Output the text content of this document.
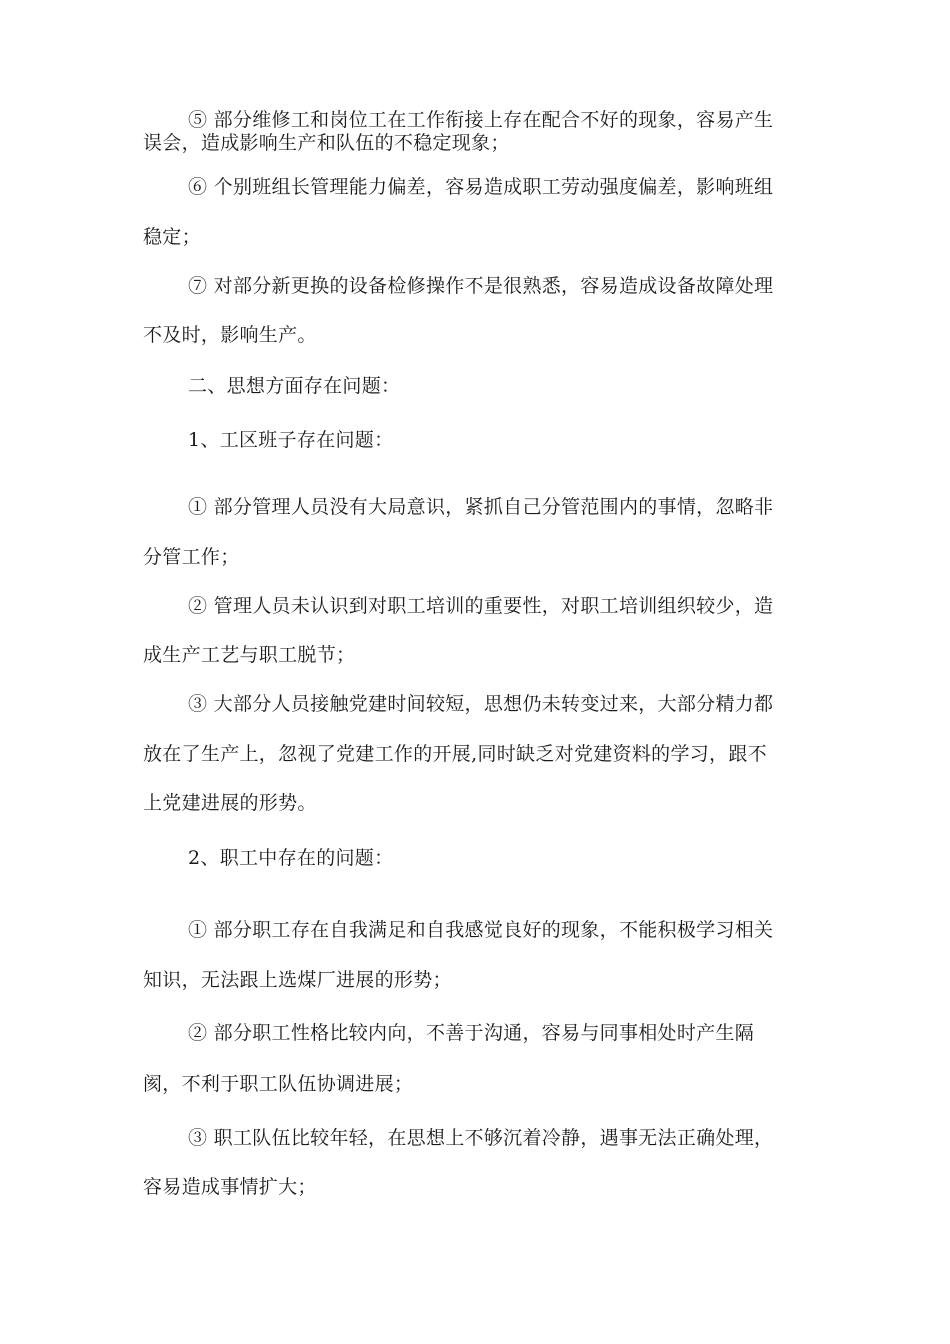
⑤ 部分维修工和岗位工在工作衔接上存在配合不好的现象，容易产生

误会，造成影响生产和队伍的不稳定现象；

⑥ 个别班组长管理能力偏差，容易造成职工劳动强度偏差，影响班组

稳定；

⑦ 对部分新更换的设备检修操作不是很熟悉，容易造成设备故障处理

不及时，影响生产。

二、思想方面存在问题：

1、工区班子存在问题：

① 部分管理人员没有大局意识，紧抓自己分管范围内的事情，忽略非

分管工作；

② 管理人员未认识到对职工培训的重要性，对职工培训组织较少，造

成生产工艺与职工脱节；

③ 大部分人员接触党建时间较短，思想仍未转变过来，大部分精力都

放在了生产上，忽视了党建工作的开展,同时缺乏对党建资料的学习，跟不

上党建进展的形势。

2、职工中存在的问题：

① 部分职工存在自我满足和自我感觉良好的现象，不能积极学习相关

知识，无法跟上选煤厂进展的形势；

② 部分职工性格比较内向，不善于沟通，容易与同事相处时产生隔

阂，不利于职工队伍协调进展；

③ 职工队伍比较年轻，在思想上不够沉着冷静，遇事无法正确处理，

容易造成事情扩大；
